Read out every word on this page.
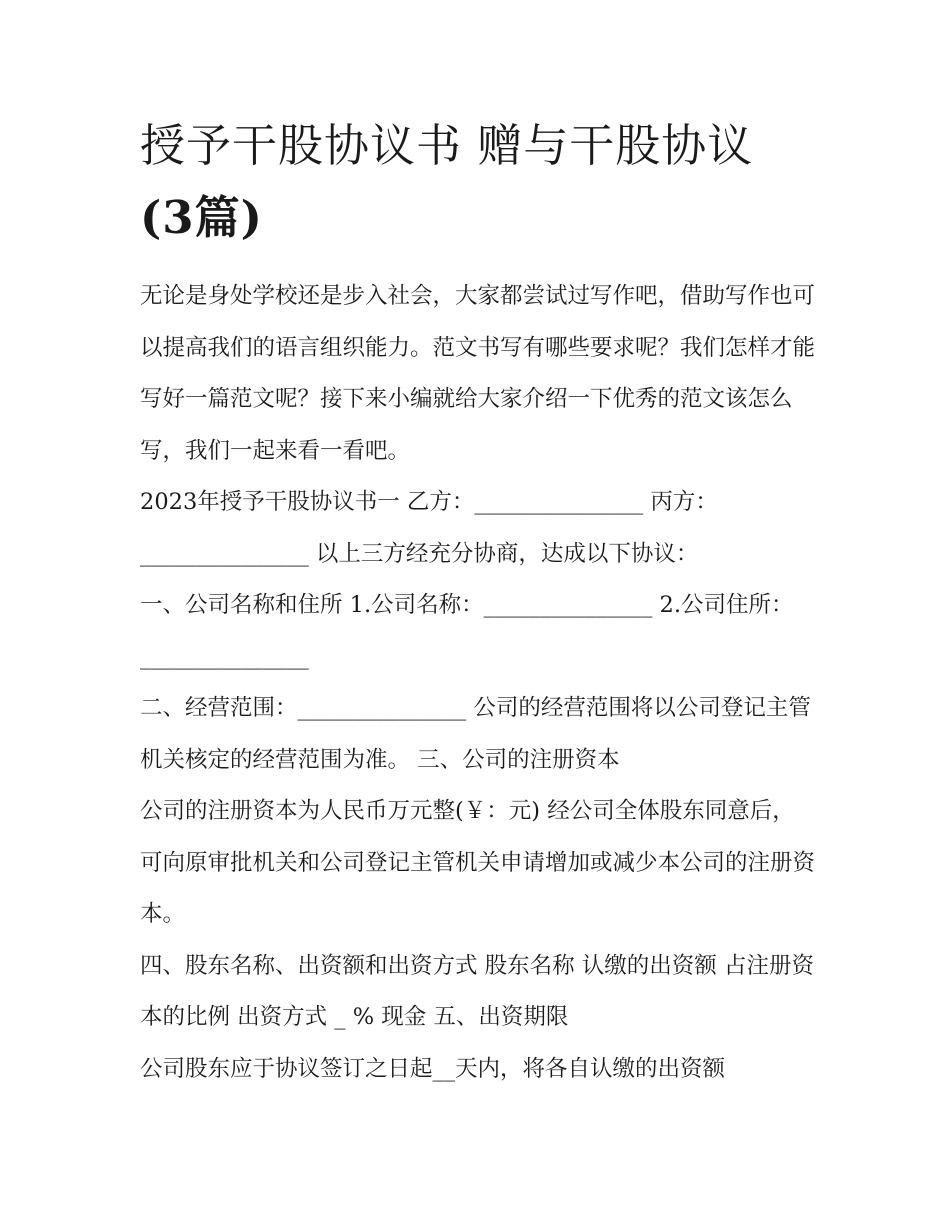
授予干股协议书 赠与干股协议
(3篇)

无论是身处学校还是步入社会，大家都尝试过写作吧，借助写作也可以提高我们的语言组织能力。范文书写有哪些要求呢？我们怎样才能写好一篇范文呢？接下来小编就给大家介绍一下优秀的范文该怎么写，我们一起来看一看吧。

2023年授予干股协议书一 乙方：_______________ 丙方：_______________ 以上三方经充分协商，达成以下协议：

一、公司名称和住所 1.公司名称：_______________ 2.公司住所：_______________

二、经营范围：_______________ 公司的经营范围将以公司登记主管机关核定的经营范围为准。 三、公司的注册资本

公司的注册资本为人民币万元整(￥：元) 经公司全体股东同意后，可向原审批机关和公司登记主管机关申请增加或减少本公司的注册资本。

四、股东名称、出资额和出资方式 股东名称 认缴的出资额 占注册资本的比例 出资方式 _ % 现金 五、出资期限

公司股东应于协议签订之日起__天内，将各自认缴的出资额
